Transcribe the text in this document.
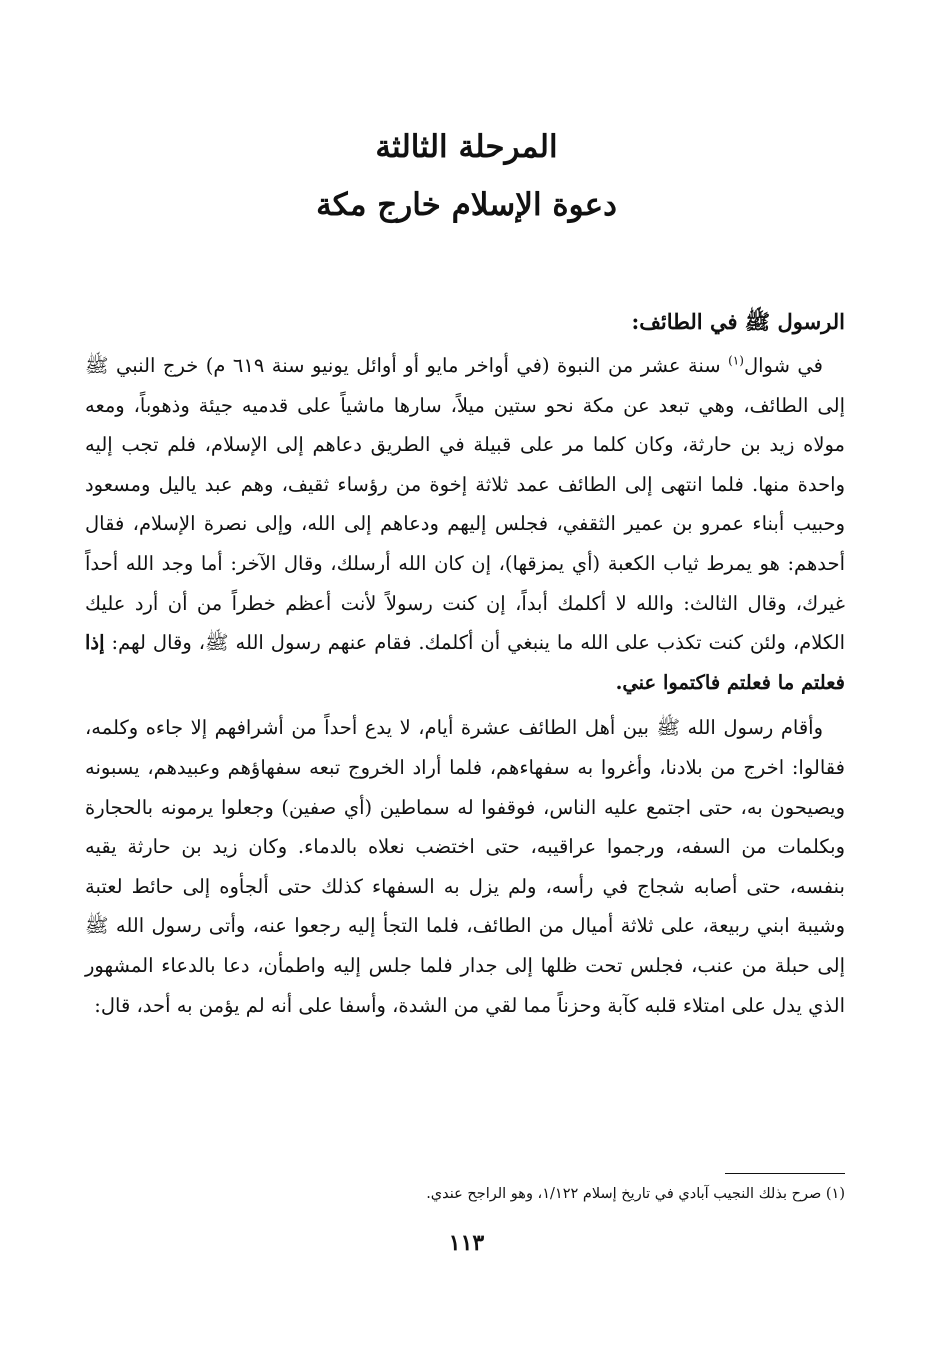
المرحلة الثالثة
دعوة الإسلام خارج مكة
الرسول ﷺ في الطائف:

في شوال$^{(١)}$ سنة عشر من النبوة (في أواخر مايو أو أوائل يونيو سنة ٦١٩ م) خرج النبي ﷺ إلى الطائف، وهي تبعد عن مكة نحو ستين ميلاً، سارها ماشياً على قدميه جيئة وذهوباً، ومعه مولاه زيد بن حارثة، وكان كلما مر على قبيلة في الطريق دعاهم إلى الإسلام، فلم تجب إليه واحدة منها. فلما انتهى إلى الطائف عمد ثلاثة إخوة من رؤساء ثقيف، وهم عبد ياليل ومسعود وحبيب أبناء عمرو بن عمير الثقفي، فجلس إليهم ودعاهم إلى الله، وإلى نصرة الإسلام، فقال أحدهم: هو يمرط ثياب الكعبة (أي يمزقها)، إن كان الله أرسلك، وقال الآخر: أما وجد الله أحداً غيرك، وقال الثالث: والله لا أكلمك أبداً، إن كنت رسولاً لأنت أعظم خطراً من أن أرد عليك الكلام، ولئن كنت تكذب على الله ما ينبغي أن أكلمك. فقام عنهم رسول الله ﷺ، وقال لهم: إذا فعلتم ما فعلتم فاكتموا عني.

وأقام رسول الله ﷺ بين أهل الطائف عشرة أيام، لا يدع أحداً من أشرافهم إلا جاءه وكلمه، فقالوا: اخرج من بلادنا، وأغروا به سفهاءهم، فلما أراد الخروج تبعه سفهاؤهم وعبيدهم، يسبونه ويصيحون به، حتى اجتمع عليه الناس، فوقفوا له سماطين (أي صفين) وجعلوا يرمونه بالحجارة وبكلمات من السفه، ورجموا عراقيبه، حتى اختضب نعلاه بالدماء. وكان زيد بن حارثة يقيه بنفسه، حتى أصابه شجاج في رأسه، ولم يزل به السفهاء كذلك حتى ألجأوه إلى حائط لعتبة وشيبة ابني ربيعة، على ثلاثة أميال من الطائف، فلما التجأ إليه رجعوا عنه، وأتى رسول الله ﷺ إلى حبلة من عنب، فجلس تحت ظلها إلى جدار فلما جلس إليه واطمأن، دعا بالدعاء المشهور الذي يدل على امتلاء قلبه كآبة وحزناً مما لقي من الشدة، وأسفا على أنه لم يؤمن به أحد، قال:

(١) صرح بذلك النجيب آبادي في تاريخ إسلام ١/١٢٢، وهو الراجح عندي.
١١٣
